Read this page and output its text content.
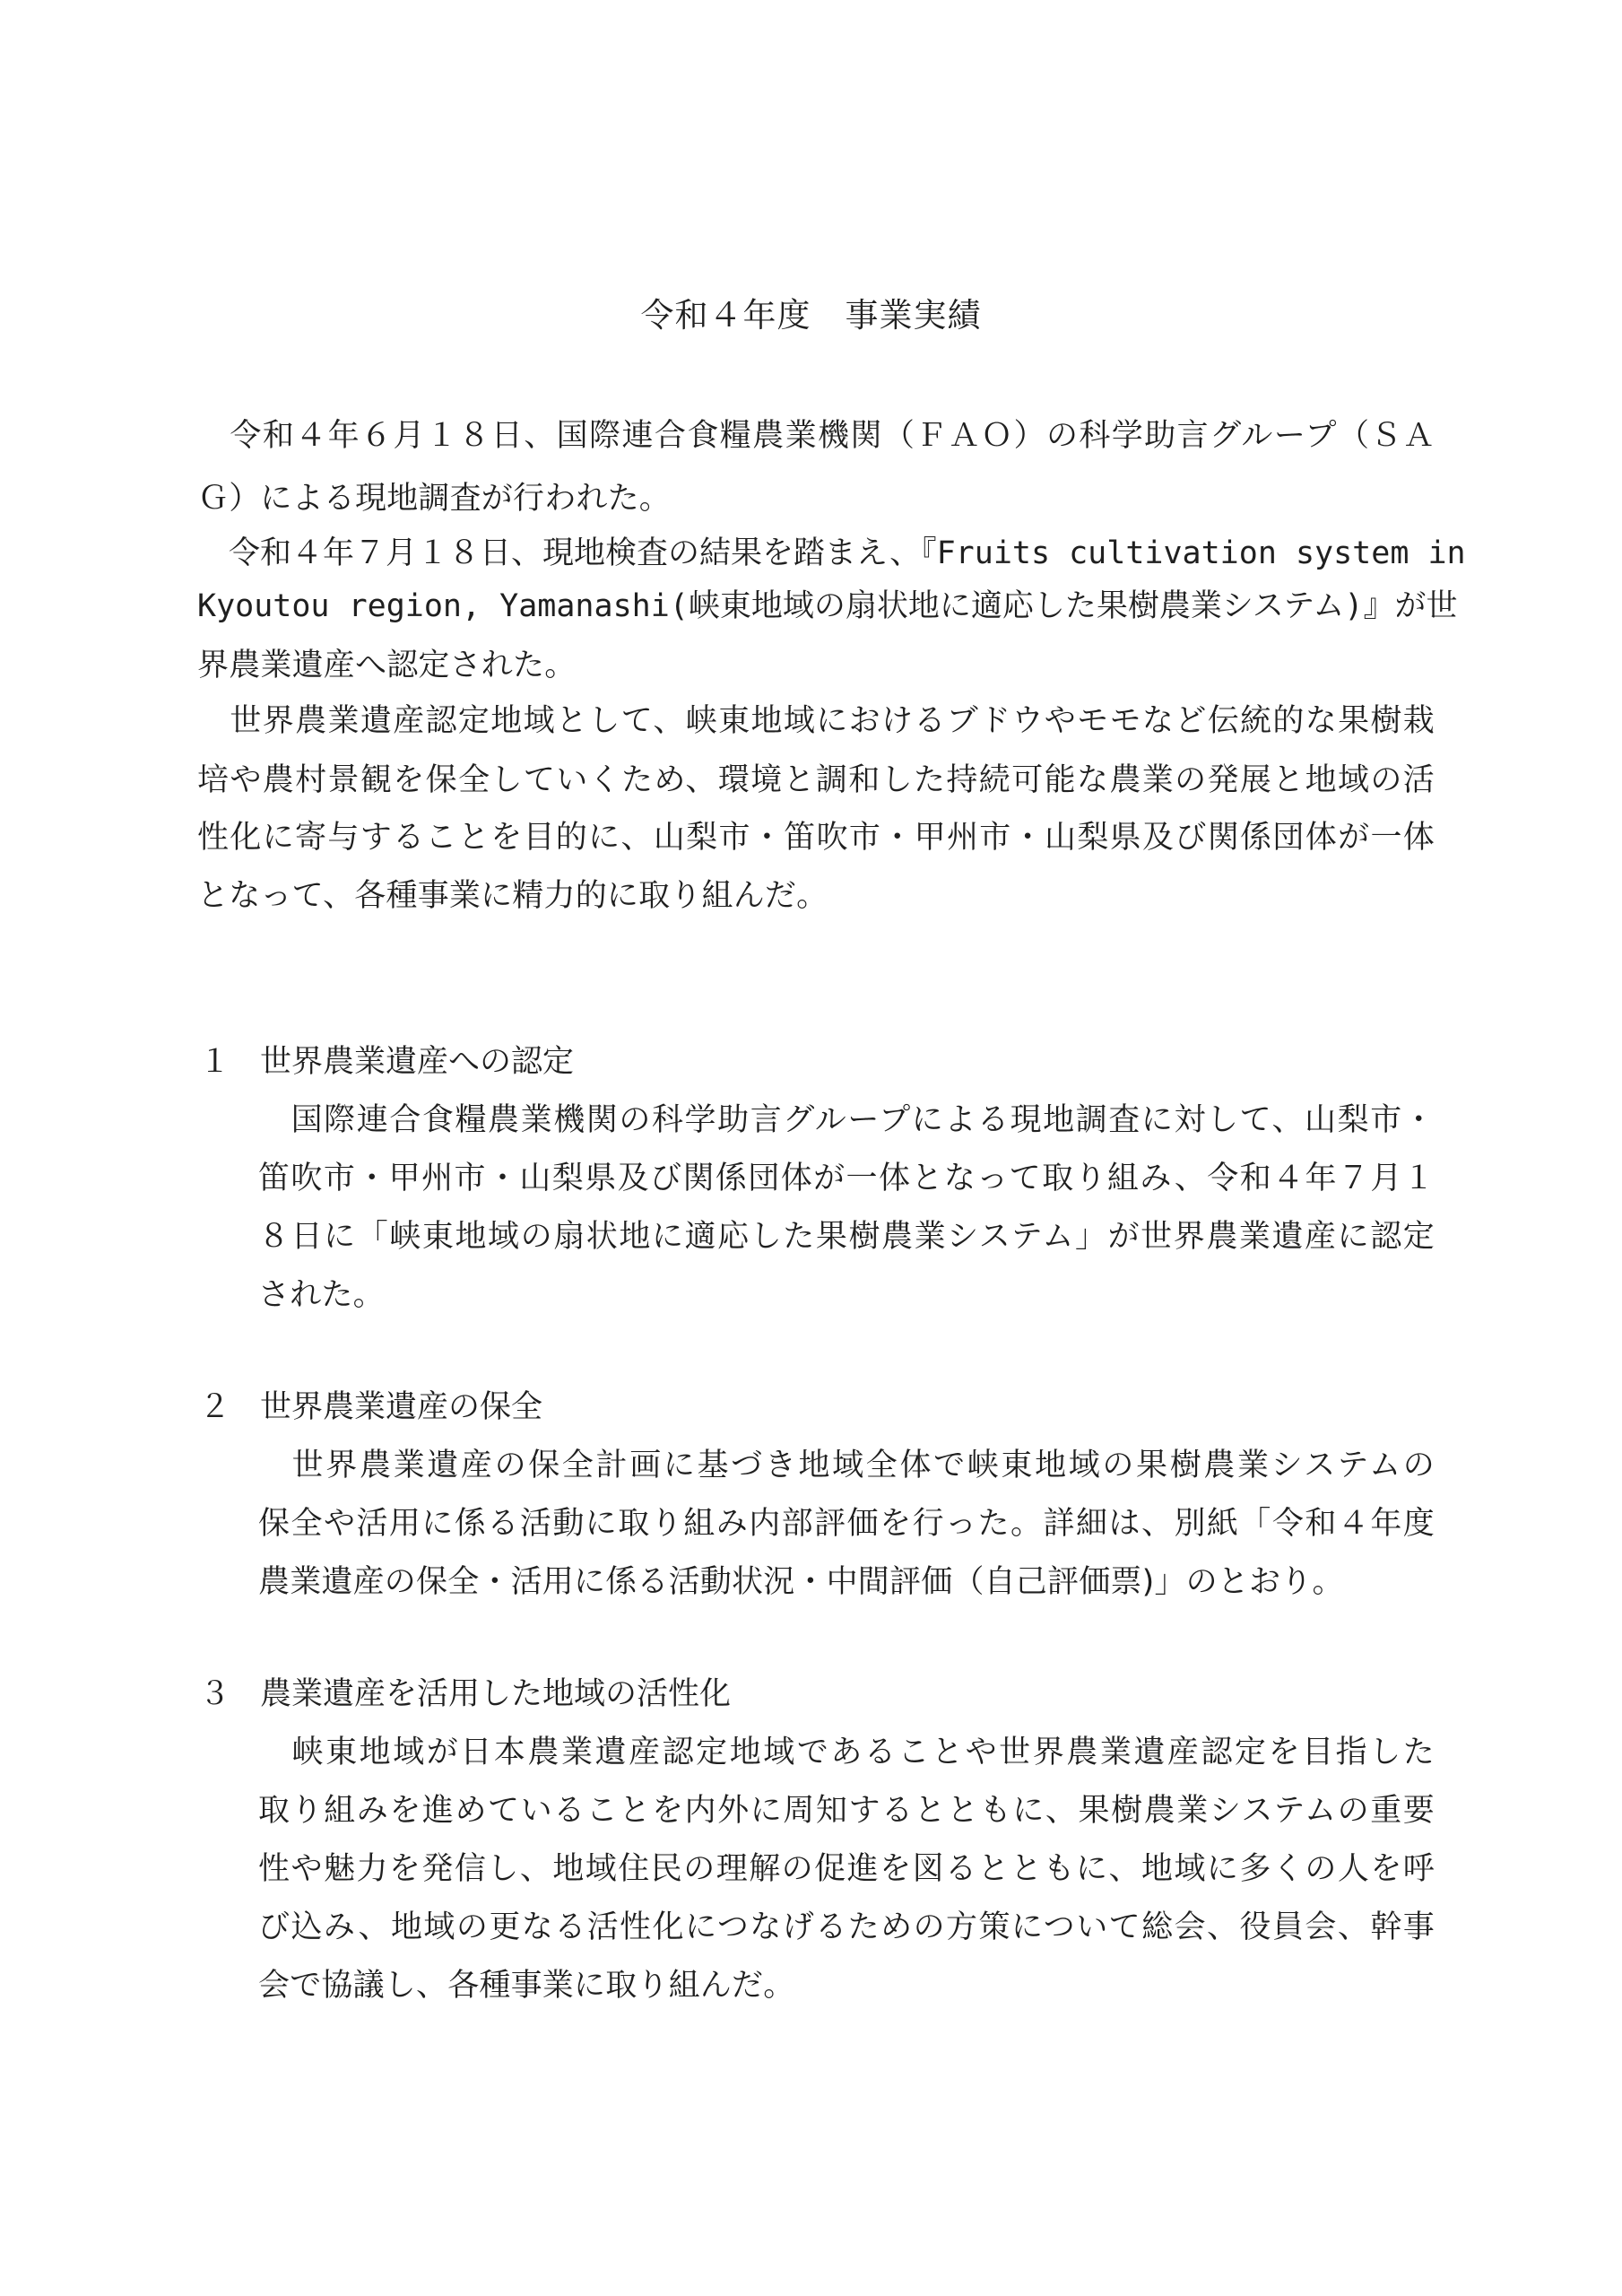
令和４年度　事業実績
　令和４年６月１８日、国際連合食糧農業機関（ＦＡＯ）の科学助言グループ（ＳＡ
Ｇ）による現地調査が行われた。
　令和４年７月１８日、現地検査の結果を踏まえ、『Fruits cultivation system in
Kyoutou region, Yamanashi(峡東地域の扇状地に適応した果樹農業システム)』が世
界農業遺産へ認定された。
　世界農業遺産認定地域として、峡東地域におけるブドウやモモなど伝統的な果樹栽
培や農村景観を保全していくため、環境と調和した持続可能な農業の発展と地域の活
性化に寄与することを目的に、山梨市・笛吹市・甲州市・山梨県及び関係団体が一体
となって、各種事業に精力的に取り組んだ。
１ 世界農業遺産への認定
　国際連合食糧農業機関の科学助言グループによる現地調査に対して、山梨市・
笛吹市・甲州市・山梨県及び関係団体が一体となって取り組み、令和４年７月１
８日に「峡東地域の扇状地に適応した果樹農業システム」が世界農業遺産に認定
された。
２ 世界農業遺産の保全
　世界農業遺産の保全計画に基づき地域全体で峡東地域の果樹農業システムの
保全や活用に係る活動に取り組み内部評価を行った。詳細は、別紙「令和４年度
農業遺産の保全・活用に係る活動状況・中間評価（自己評価票)」のとおり。
３ 農業遺産を活用した地域の活性化
　峡東地域が日本農業遺産認定地域であることや世界農業遺産認定を目指した
取り組みを進めていることを内外に周知するとともに、果樹農業システムの重要
性や魅力を発信し、地域住民の理解の促進を図るとともに、地域に多くの人を呼
び込み、地域の更なる活性化につなげるための方策について総会、役員会、幹事
会で協議し、各種事業に取り組んだ。
